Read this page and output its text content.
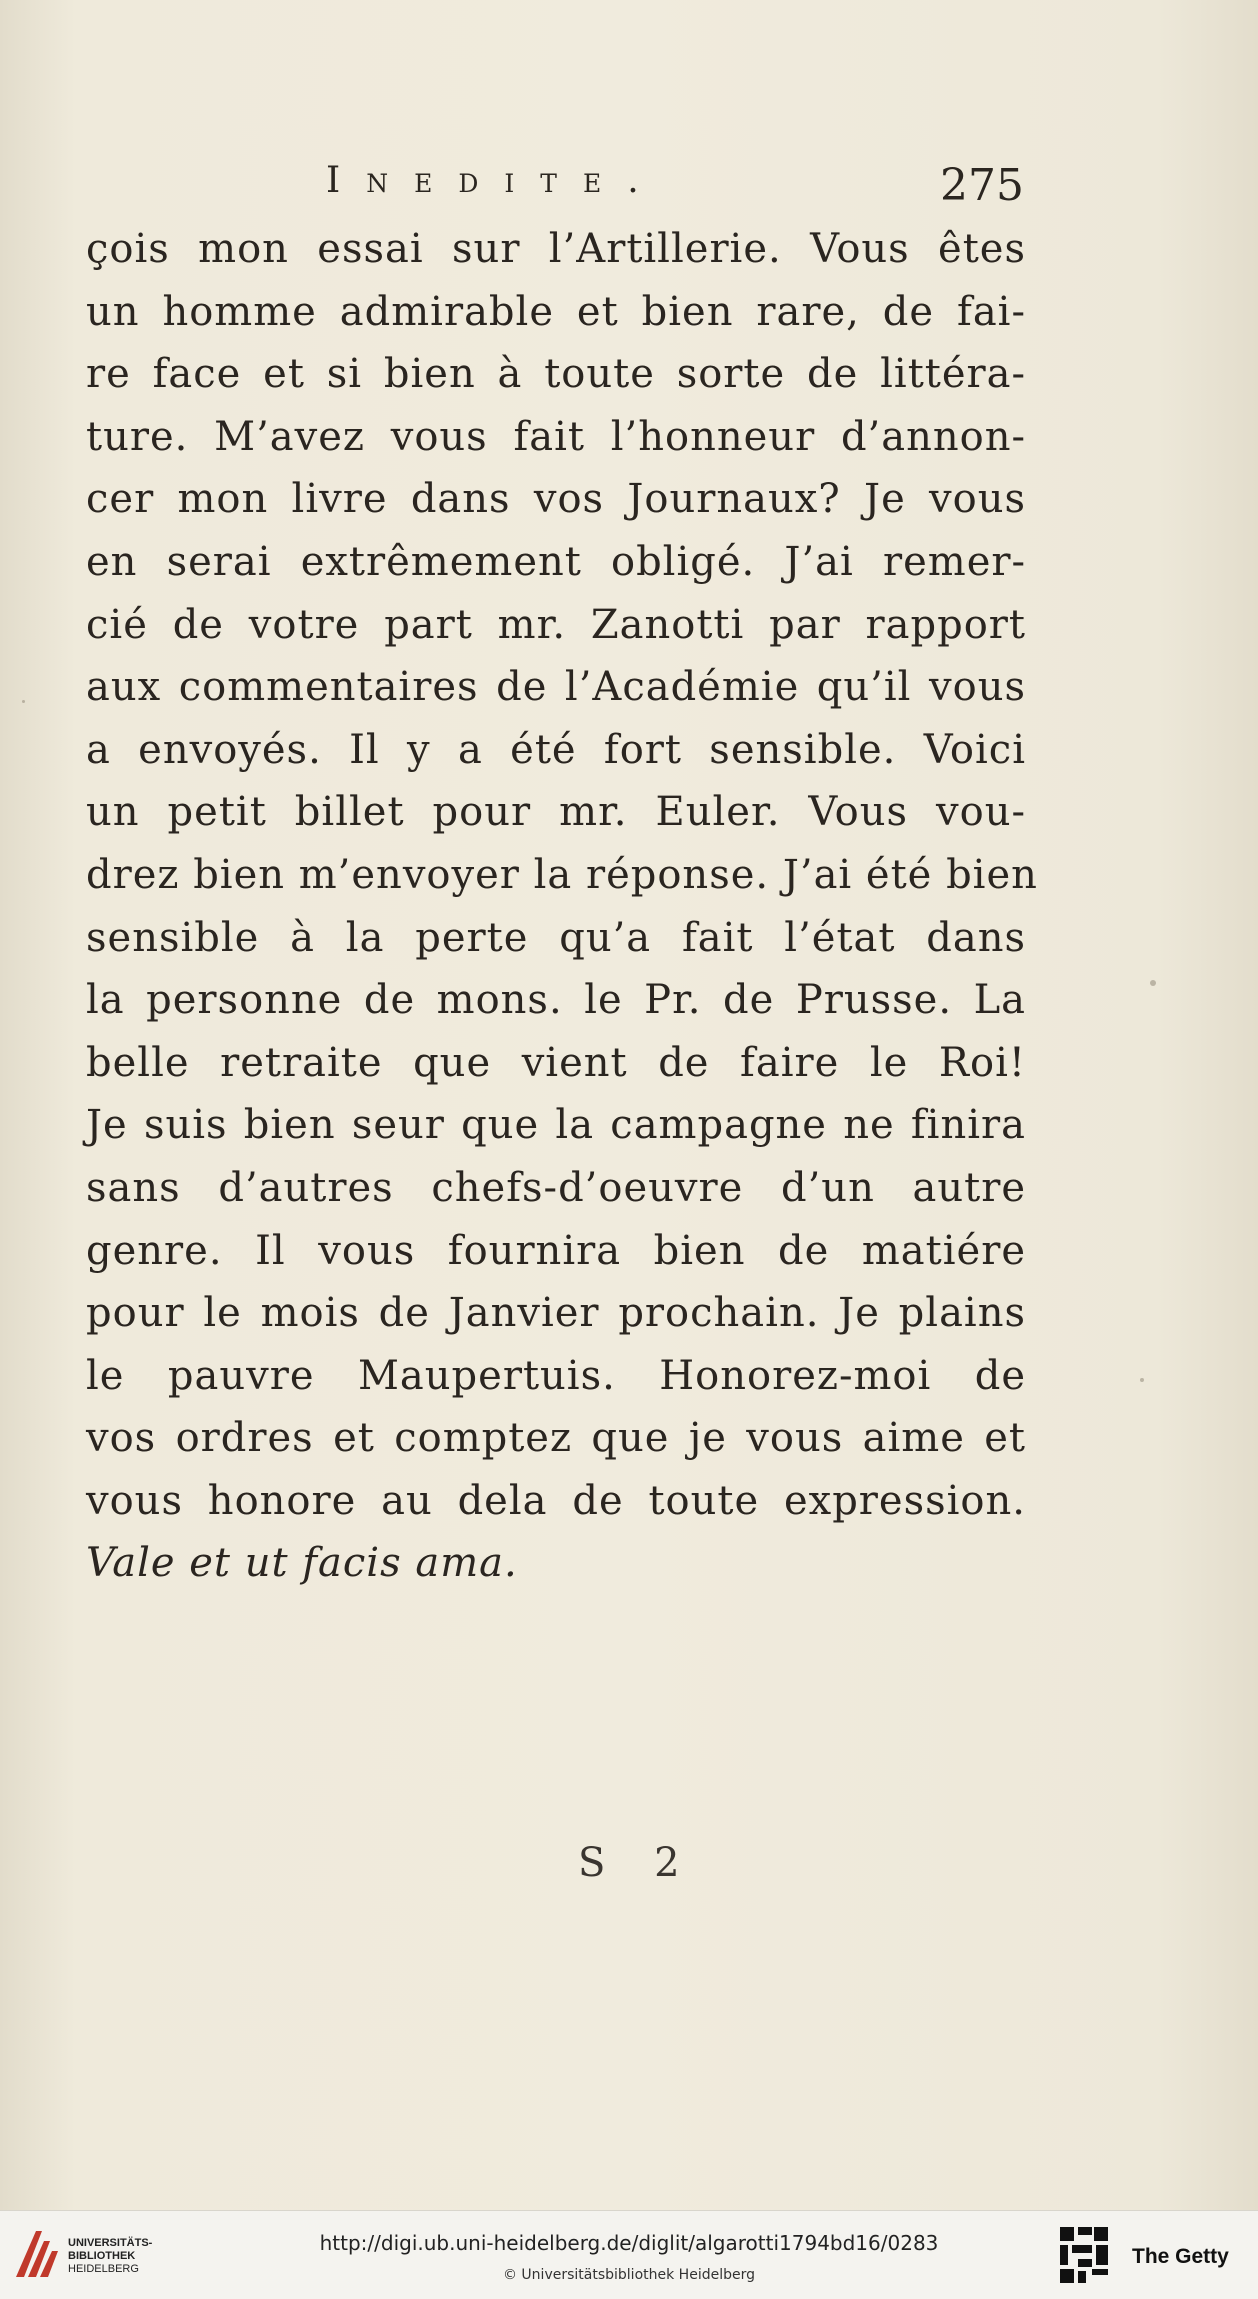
Inedite.	275
çois mon essai sur l’Artillerie. Vous êtes
un homme admirable et bien rare, de fai-
re face et si bien à toute sorte de littéra-
ture. M’avez vous fait l’honneur d’annon-
cer mon livre dans vos Journaux? Je vous
en serai extrêmement obligé. J’ai remer-
cié de votre part mr. Zanotti par rapport
aux commentaires de l’Académie qu’il vous
a envoyés. Il y a été fort sensible. Voici
un petit billet pour mr. Euler. Vous vou-
drez bien m’envoyer la réponse. J’ai été bien
sensible à la perte qu’a fait l’état dans
la personne de mons. le Pr. de Prusse. La
belle retraite que vient de faire le Roi!
Je suis bien seur que la campagne ne finira
sans d’autres chefs-d’oeuvre d’un autre
genre. Il vous fournira bien de matiére
pour le mois de Janvier prochain. Je plains
le pauvre Maupertuis. Honorez-moi de
vos ordres et comptez que je vous aime et
vous honore au dela de toute expression.
Vale et ut facis ama.
S 2
UNIVERSITÄTS-
BIBLIOTHEK
HEIDELBERG
http://digi.ub.uni-heidelberg.de/diglit/algarotti1794bd16/0283
© Universitätsbibliothek Heidelberg
The Getty
